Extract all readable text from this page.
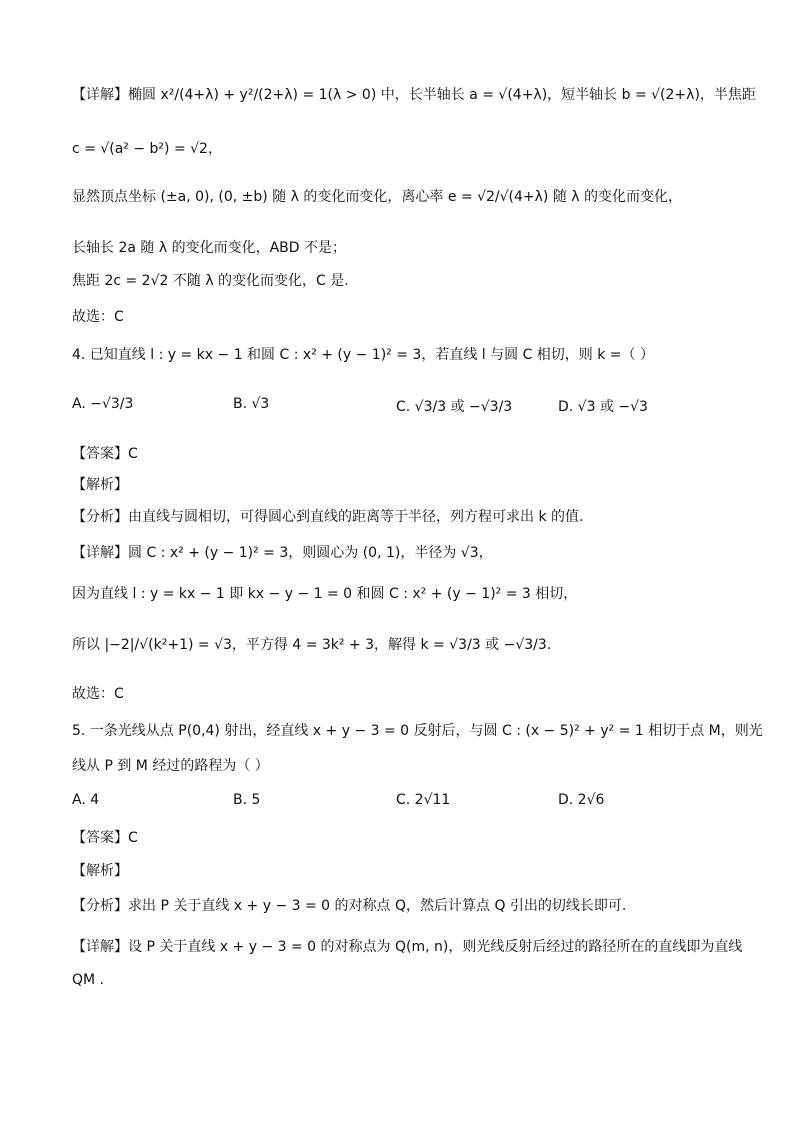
【详解】椭圆 x²/(4+λ) + y²/(2+λ) = 1(λ > 0) 中，长半轴长 a = √(4+λ)，短半轴长 b = √(2+λ)，半焦距
c = √(a² − b²) = √2，
显然顶点坐标 (±a, 0), (0, ±b) 随 λ 的变化而变化，离心率 e = √2/√(4+λ) 随 λ 的变化而变化，
长轴长 2a 随 λ 的变化而变化，ABD 不是；
焦距 2c = 2√2 不随 λ 的变化而变化，C 是.
故选：C
4. 已知直线 l : y = kx − 1 和圆 C : x² + (y − 1)² = 3，若直线 l 与圆 C 相切，则 k =（ ）
A. −√3/3	B. √3	C. √3/3 或 −√3/3	D. √3 或 −√3
【答案】C
【解析】
【分析】由直线与圆相切，可得圆心到直线的距离等于半径，列方程可求出 k 的值.
【详解】圆 C : x² + (y − 1)² = 3，则圆心为 (0, 1)，半径为 √3，
因为直线 l : y = kx − 1 即 kx − y − 1 = 0 和圆 C : x² + (y − 1)² = 3 相切，
所以 |−2|/√(k²+1) = √3，平方得 4 = 3k² + 3，解得 k = √3/3 或 −√3/3.
故选：C
5. 一条光线从点 P(0,4) 射出，经直线 x + y − 3 = 0 反射后，与圆 C : (x − 5)² + y² = 1 相切于点 M，则光
线从 P 到 M 经过的路程为（ ）
A. 4	B. 5	C. 2√11	D. 2√6
【答案】C
【解析】
【分析】求出 P 关于直线 x + y − 3 = 0 的对称点 Q，然后计算点 Q 引出的切线长即可.
【详解】设 P 关于直线 x + y − 3 = 0 的对称点为 Q(m, n)，则光线反射后经过的路径所在的直线即为直线
QM .
